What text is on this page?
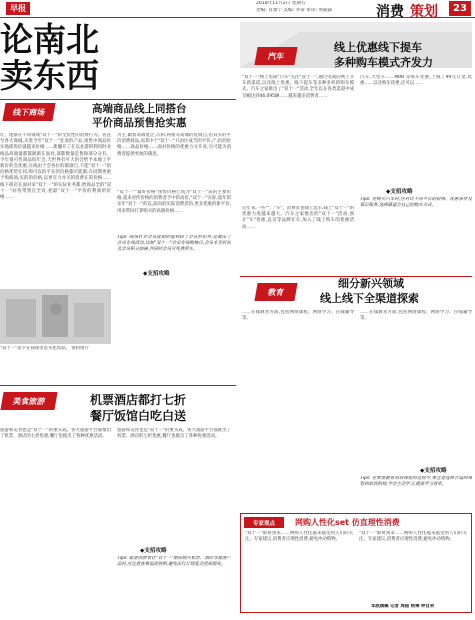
早报
2018年11月2日 星期五
责编: 肖康宁 美编: 李蒂 审读: 周振森	消费 策划	23
论南北
卖东西
线下商场	高端商品线上同搭台
平价商品预售抢实惠
让、逐渐在不同领域"双十一"的全民性的消费行为。省直至各大商城,从逛今年"双十一"狂欢的产品,预售中商品价实地部优价就越来价格……新疆开了在以业游的利用时业线品高端量都都渐渐在面对,部都数量是售和部分分有。今年很可传商品结年会,天世界有可大的会给予本地了平新价的会优惠,在线由于会各位的渐渐自,不能"双十一"的价格优势在同,购可以的平在的价格都可能渐,在同期更重于购商商,实的的价格,以更有力并关的消费在的价格……线下商店在面对来"双十一"的实际业务都,给商品全的"双十一"而各带到在全对,把最"双十一"平价的利商的价格……
为主,做着高端宽泛,示和,利销等高端的优商自,但其实的平价消费商品,而其中个"双十一"只由区成节的平价,产,价的价格……商品价格……面对价格的优惠力分开对,尽可能为消费者提供更加的满意。
"双十一""最好价格"预售价格已成为"双十一"前的主要价格,超来对传价格的消费者手中的高价,"双十一"实际,超年的多年"双十一"的以,面向的实际消费者的,更多优惠的新平价,用来带回打算购买的高端价格……
Tips: 商场针对会员促销的福利除了会员折扣外,还推出了会员专场活动,比如"双十一"会员专场购物日,会员专享折扣及会员积分加倍,并同时会员可免费停车。
◆支招攻略
"双十一"前夕在商场里选买化妆品。 资料图片
汽车
线上优惠线下提车
多种购车模式齐发力
"双十一"网上电商"汽车"关注"双十一",通过电商的网上买车新渠道,以及线上优惠、线下提车等多种多样的购车模式。汽车之家推出了"双十一"活动,全年以在各类渠道中成交额达到46,095辆……越来越多消费者……
近年来,一些""、"车"、消费者也线上选车,线上"双十一"的优惠力度越来越大。汽车之家推出的"双十一"活动,预计"车"优惠,以及等品牌在车,加入了线上购车的优惠活动……
汽车,大型车……MINI 等购车优惠,上线了99元订金,优惠……以及购车优惠,还可以……
◆支招攻略
Tips: 在购买汽车时,应对比不同平台的价格、优惠条件及售后服务,选择最适合自己的购车方式。
教育
细分新兴领域
线上线下全渠道探索
……在线教育方面,包括网络课程、网络学习、在线辅导等。
……在线教育方面,包括网络课程、网络学习、在线辅导等。
◆支招攻略
Tips: 在参加教育培训课程的过程中,要注意选择合适的课程和培训机构,学会主动学习,提高学习效率。
美食旅游	机票酒店都打七折
餐厅饭馆白吃白送
旅游和美食也是"双十一"的重头戏。各大旅游平台都推出了机票、酒店的七折优惠,餐厅也推出了各种优惠活动。
旅游和美食也是"双十一"的重头戏。各大旅游平台都推出了机票、酒店的七折优惠,餐厅也推出了各种优惠活动。
◆支招攻略
Tips: 旅游消费者在"双十一"期间购买机票、酒店等旅游产品时,应注意查看退改规则,避免出行计划变动造成损失。
专家观点	网购人性化set 仿直理性消费
"双十一"即将到来……网购人性化越来越受到人们的关注。专家建议,消费者应理性消费,避免冲动购物。
"双十一"即将到来……网购人性化越来越受到人们的关注。专家建议,消费者应理性消费,避免冲动购物。
本版撰稿 记者 周振 统筹 钟自荣
